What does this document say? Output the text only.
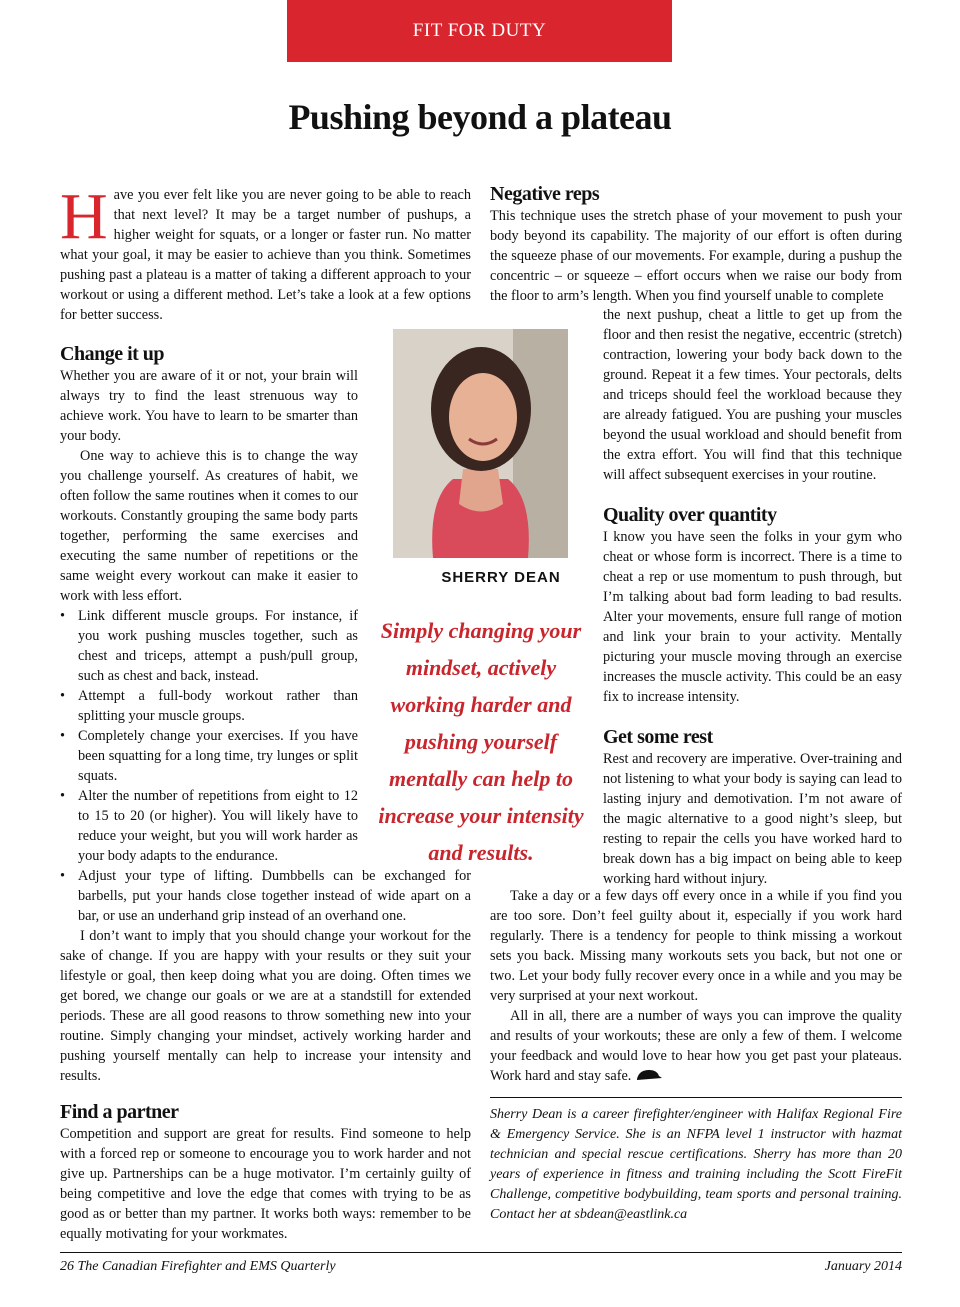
FIT FOR DUTY
Pushing beyond a plateau

Have you ever felt like you are never going to be able to reach that next level? It may be a target number of pushups, a higher weight for squats, or a longer or faster run. No matter what your goal, it may be easier to achieve than you think. Sometimes pushing past a plateau is a matter of taking a different approach to your workout or using a different method. Let’s take a look at a few options for better success.

Change it up

Whether you are aware of it or not, your brain will always try to find the least strenuous way to achieve work. You have to learn to be smarter than your body.

One way to achieve this is to change the way you challenge yourself. As creatures of habit, we often follow the same routines when it comes to our workouts. Constantly grouping the same body parts together, performing the same exercises and executing the same number of repetitions or the same weight every workout can make it easier to work with less effort.

• Link different muscle groups. For instance, if you work pushing muscles together, such as chest and triceps, attempt a push/pull group, such as chest and back, instead.
• Attempt a full-body workout rather than splitting your muscle groups.
• Completely change your exercises. If you have been squatting for a long time, try lunges or split squats.
• Alter the number of repetitions from eight to 12 to 15 to 20 (or higher). You will likely have to reduce your weight, but you will work harder as your body adapts to the endurance.
• Adjust your type of lifting. Dumbbells can be exchanged for barbells, put your hands close together instead of wide apart on a bar, or use an underhand grip instead of an overhand one.

I don’t want to imply that you should change your workout for the sake of change. If you are happy with your results or they suit your lifestyle or goal, then keep doing what you are doing. Often times we get bored, we change our goals or we are at a standstill for extended periods. These are all good reasons to throw something new into your routine. Simply changing your mindset, actively working harder and pushing yourself mentally can help to increase your intensity and results.

Find a partner

Competition and support are great for results. Find someone to help with a forced rep or someone to encourage you to work harder and not give up. Partnerships can be a huge motivator. I’m certainly guilty of being competitive and love the edge that comes with trying to be as good as or better than my partner. It works both ways: remember to be equally motivating for your workmates.

SHERRY DEAN
Simply changing your mindset, actively working harder and pushing yourself mentally can help to increase your intensity and results.
Negative reps

This technique uses the stretch phase of your movement to push your body beyond its capability. The majority of our effort is often during the squeeze phase of our movements. For example, during a pushup the concentric – or squeeze – effort occurs when we raise our body from the floor to arm’s length. When you find yourself unable to complete

the next pushup, cheat a little to get up from the floor and then resist the negative, eccentric (stretch) contraction, lowering your body back down to the ground. Repeat it a few times. Your pectorals, delts and triceps should feel the workload because they are already fatigued. You are pushing your muscles beyond the usual workload and should benefit from the extra effort. You will find that this technique will affect subsequent exercises in your routine.

Quality over quantity

I know you have seen the folks in your gym who cheat or whose form is incorrect. There is a time to cheat a rep or use momentum to push through, but I’m talking about bad form leading to bad results. Alter your movements, ensure full range of motion and link your brain to your activity. Mentally picturing your muscle moving through an exercise increases the muscle activity. This could be an easy fix to increase intensity.

Get some rest

Rest and recovery are imperative. Over-training and not listening to what your body is saying can lead to lasting injury and demotivation. I’m not aware of the magic alternative to a good night’s sleep, but resting to repair the cells you have worked hard to break down has a big impact on being able to keep working hard without injury.

Take a day or a few days off every once in a while if you find you are too sore. Don’t feel guilty about it, especially if you work hard regularly. There is a tendency for people to think missing a workout sets you back. Missing many workouts sets you back, but not one or two. Let your body fully recover every once in a while and you may be very surprised at your next workout.

All in all, there are a number of ways you can improve the quality and results of your workouts; these are only a few of them. I welcome your feedback and would love to hear how you get past your plateaus. Work hard and stay safe.

Sherry Dean is a career firefighter/engineer with Halifax Regional Fire & Emergency Service. She is an NFPA level 1 instructor with hazmat technician and special rescue certifications. Sherry has more than 20 years of experience in fitness and training including the Scott FireFit Challenge, competitive bodybuilding, team sports and personal training. Contact her at sbdean@eastlink.ca
26 The Canadian Firefighter and EMS Quarterly	January 2014
